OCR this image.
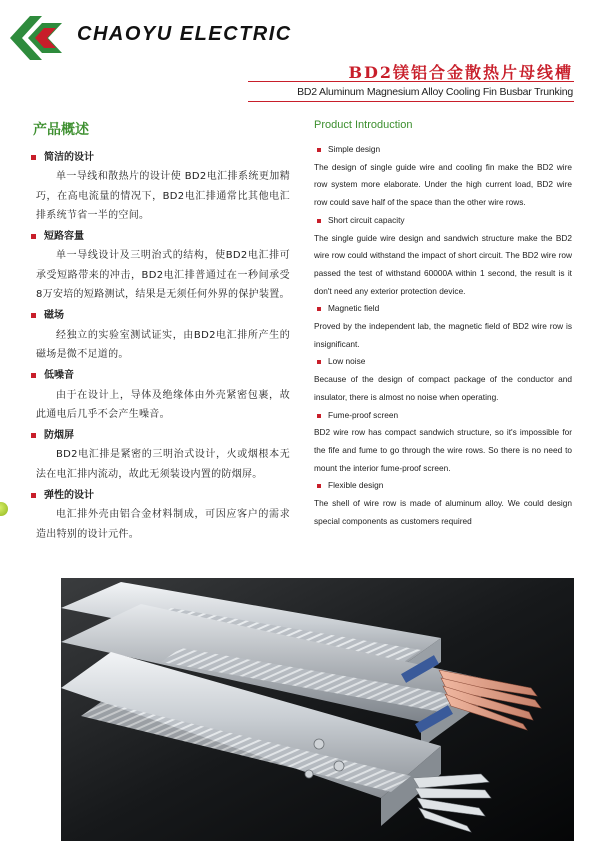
CHAOYU ELECTRIC
BD2镁铝合金散热片母线槽
BD2 Aluminum Magnesium Alloy Cooling Fin Busbar Trunking
产品概述	Product Introduction
简洁的设计
单一导线和散热片的设计使 BD2电汇排系统更加精巧，在高电流量的情况下，BD2电汇排通常比其他电汇排系统节省一半的空间。
短路容量
单一导线设计及三明治式的结构，使BD2电汇排可承受短路带来的冲击，BD2电汇排普通过在一秒间承受8万安培的短路测试，结果是无须任何外界的保护装置。
磁场
经独立的实验室测试证实，由BD2电汇排所产生的磁场是微不足道的。
低噪音
由于在设计上，导体及绝缘体由外壳紧密包裹，故此通电后几乎不会产生噪音。
防烟屏
BD2电汇排是紧密的三明治式设计，火或烟根本无法在电汇排内流动，故此无须装设内置的防烟屏。
弹性的设计
电汇排外壳由铝合金材料制成，可因应客户的需求造出特别的设计元件。
Simple design
The design of single guide wire and cooling fin make the BD2 wire row system more elaborate. Under the high current load, BD2 wire row could save half of the space than the other wire rows.
Short circuit capacity
The single guide wire design and sandwich structure make the BD2 wire row could withstand the impact of short circuit. The BD2 wire row passed the test of withstand 60000A within 1 second, the result is it don't need any exterior protection device.
Magnetic field
Proved by the independent lab, the magnetic field of BD2 wire row is insignificant.
Low noise
Because of the design of compact package of the conductor and insulator, there is almost no noise when operating.
Fume-proof screen
BD2 wire row has compact sandwich structure, so it's impossible for the fife and fume to go through the wire rows. So there is no need to mount the interior fume-proof screen.
Flexible design
The shell of wire row is made of aluminum alloy. We could design special components as customers required
